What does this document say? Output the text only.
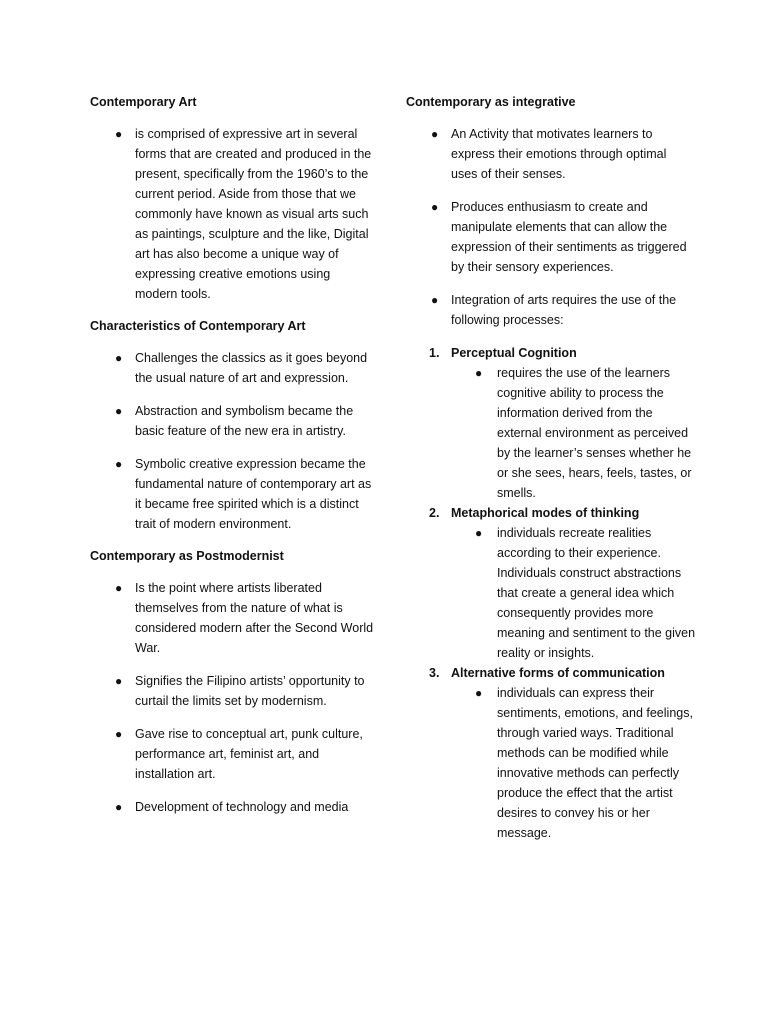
Contemporary Art
● is comprised of expressive art in several forms that are created and produced in the present, specifically from the 1960’s to the current period. Aside from those that we commonly have known as visual arts such as paintings, sculpture and the like, Digital art has also become a unique way of expressing creative emotions using modern tools.
Characteristics of Contemporary Art
● Challenges the classics as it goes beyond the usual nature of art and expression.
● Abstraction and symbolism became the basic feature of the new era in artistry.
● Symbolic creative expression became the fundamental nature of contemporary art as it became free spirited which is a distinct trait of modern environment.
Contemporary as Postmodernist
● Is the point where artists liberated themselves from the nature of what is considered modern after the Second World War.
● Signifies the Filipino artists’ opportunity to curtail the limits set by modernism.
● Gave rise to conceptual art, punk culture, performance art, feminist art, and installation art.
● Development of technology and media
Contemporary as integrative
● An Activity that motivates learners to express their emotions through optimal uses of their senses.
● Produces enthusiasm to create and manipulate elements that can allow the expression of their sentiments as triggered by their sensory experiences.
● Integration of arts requires the use of the following processes:
1. Perceptual Cognition
● requires the use of the learners cognitive ability to process the information derived from the external environment as perceived by the learner’s senses whether he or she sees, hears, feels, tastes, or smells.
2. Metaphorical modes of thinking
● individuals recreate realities according to their experience. Individuals construct abstractions that create a general idea which consequently provides more meaning and sentiment to the given reality or insights.
3. Alternative forms of communication
● individuals can express their sentiments, emotions, and feelings, through varied ways. Traditional methods can be modified while innovative methods can perfectly produce the effect that the artist desires to convey his or her message.
